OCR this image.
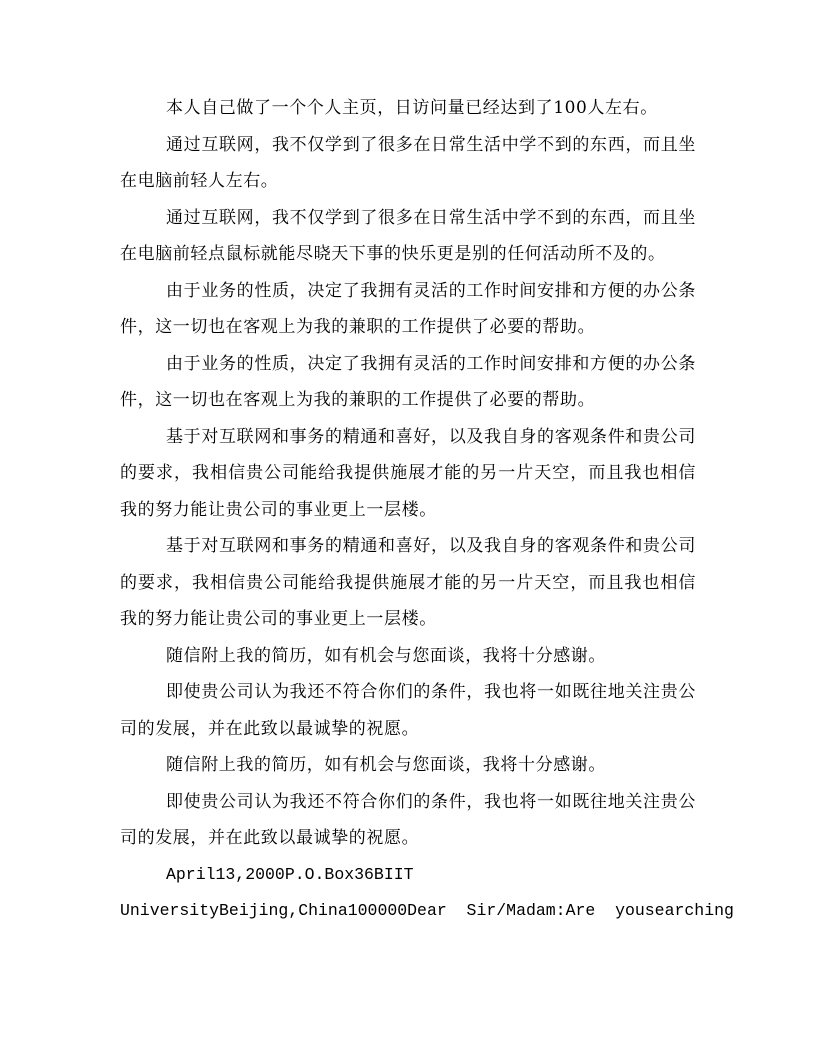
本人自己做了一个个人主页，日访问量已经达到了100人左右。

通过互联网，我不仅学到了很多在日常生活中学不到的东西，而且坐在电脑前轻人左右。

通过互联网，我不仅学到了很多在日常生活中学不到的东西，而且坐在电脑前轻点鼠标就能尽晓天下事的快乐更是别的任何活动所不及的。

由于业务的性质，决定了我拥有灵活的工作时间安排和方便的办公条件，这一切也在客观上为我的兼职的工作提供了必要的帮助。

由于业务的性质，决定了我拥有灵活的工作时间安排和方便的办公条件，这一切也在客观上为我的兼职的工作提供了必要的帮助。

基于对互联网和事务的精通和喜好，以及我自身的客观条件和贵公司的要求，我相信贵公司能给我提供施展才能的另一片天空，而且我也相信我的努力能让贵公司的事业更上一层楼。

基于对互联网和事务的精通和喜好，以及我自身的客观条件和贵公司的要求，我相信贵公司能给我提供施展才能的另一片天空，而且我也相信我的努力能让贵公司的事业更上一层楼。

随信附上我的简历，如有机会与您面谈，我将十分感谢。

即使贵公司认为我还不符合你们的条件，我也将一如既往地关注贵公司的发展，并在此致以最诚挚的祝愿。

随信附上我的简历，如有机会与您面谈，我将十分感谢。

即使贵公司认为我还不符合你们的条件，我也将一如既往地关注贵公司的发展，并在此致以最诚挚的祝愿。

April13,2000P.O.Box36BIIT
UniversityBeijing,China100000Dear  Sir/Madam:Are  yousearching
